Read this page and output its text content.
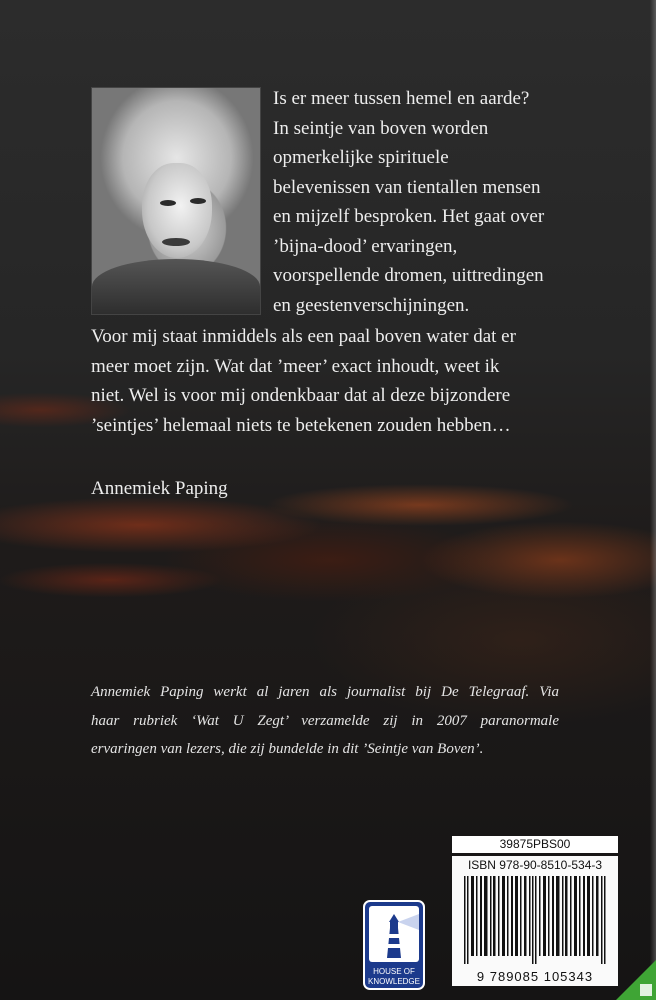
Is er meer tussen hemel en aarde?
In seintje van boven worden
opmerkelijke spirituele
belevenissen van tientallen mensen
en mijzelf besproken. Het gaat over
’bijna-dood’ ervaringen,
voorspellende dromen, uittredingen
en geestenverschijningen.
Voor mij staat inmiddels als een paal boven water dat er
meer moet zijn. Wat dat ’meer’ exact inhoudt, weet ik
niet. Wel is voor mij ondenkbaar dat al deze bijzondere
’seintjes’ helemaal niets te betekenen zouden hebben…
Annemiek Paping
Annemiek Paping werkt al jaren als journalist bij De Telegraaf. Via
haar rubriek ‘Wat U Zegt’ verzamelde zij in 2007 paranormale
ervaringen van lezers, die zij bundelde in dit ’Seintje van Boven’.
39875PBS00
ISBN 978-90-8510-534-3
9 789085 105343
HOUSE OF
KNOWLEDGE
